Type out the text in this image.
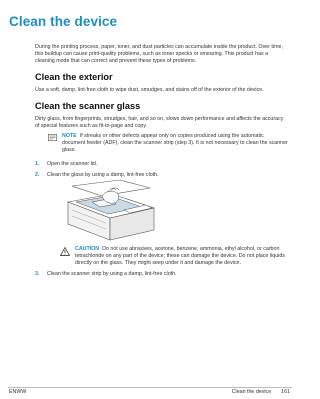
Clean the device
During the printing process, paper, toner, and dust particles can accumulate inside the product. Over time, this buildup can cause print-quality problems, such as toner specks or smearing. This product has a cleaning mode that can correct and prevent these types of problems.
Clean the exterior
Use a soft, damp, lint-free cloth to wipe dust, smudges, and stains off of the exterior of the device.
Clean the scanner glass
Dirty glass, from fingerprints, smudges, hair, and so on, slows down performance and affects the accuracy of special features such as fit-to-page and copy.
NOTE If streaks or other defects appear only on copies produced using the automatic document feeder (ADF), clean the scanner strip (step 3). It is not necessary to clean the scanner glass.
1. Open the scanner lid.
2. Clean the glass by using a damp, lint-free cloth.
CAUTION Do not use abrasives, acetone, benzene, ammonia, ethyl alcohol, or carbon tetrachloride on any part of the device; these can damage the device. Do not place liquids directly on the glass. They might seep under it and damage the device.
3. Clean the scanner strip by using a damp, lint-free cloth.
ENWW	Clean the device 161
